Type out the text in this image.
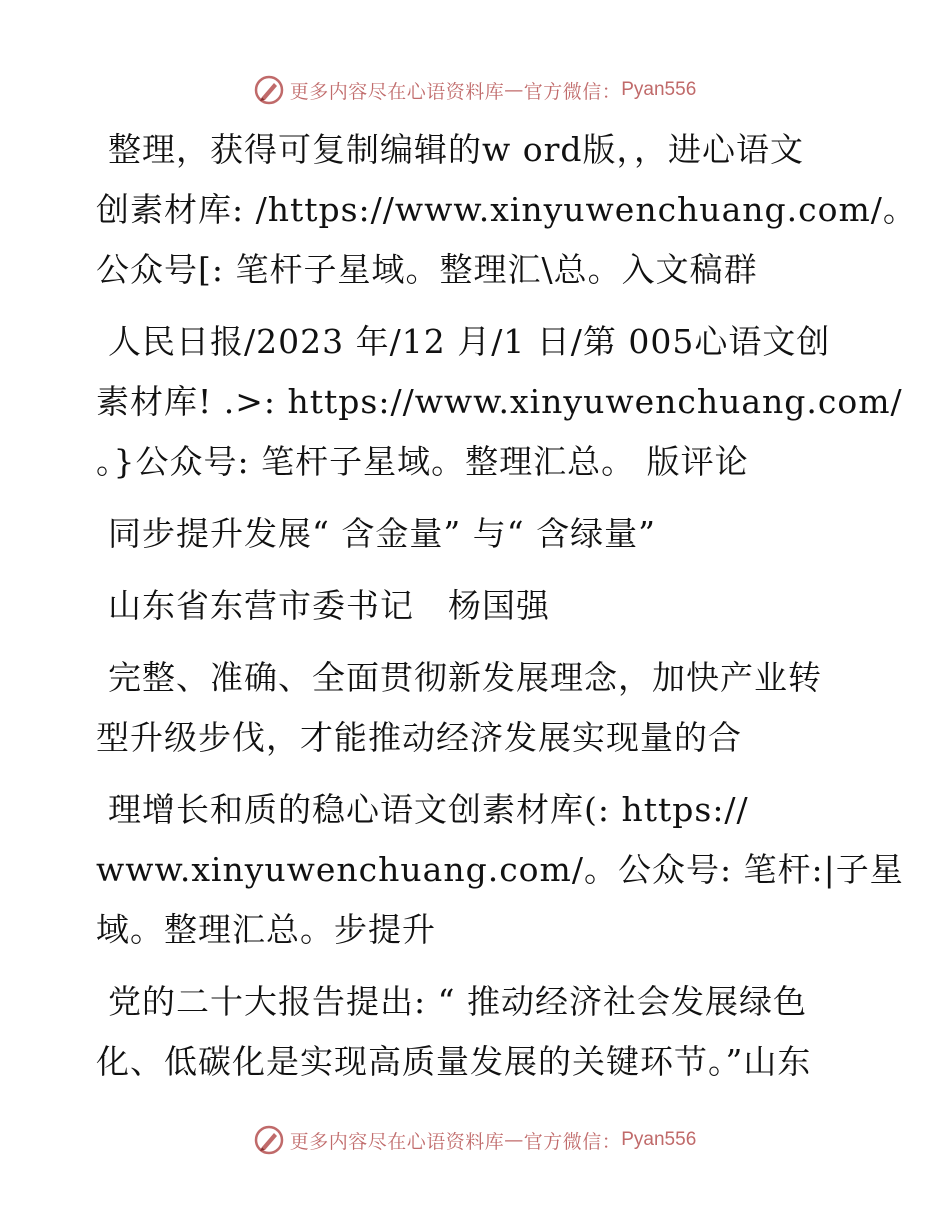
更多内容尽在心语资料库 — 官方微信： Pyan556
整理，获得可复制编辑的w ord版，，进心语文
创素材库: /https://www.xinyuwenchuang.com/。
公众号[: 笔杆子星域。整理汇\总。入文稿群
人民日报/2023 年/12 月/1 日/第 005心语文创
素材库! .>: https://www.xinyuwenchuang.com/
。}公众号: 笔杆子星域。整理汇总。 版评论
同步提升发展“ 含金量” 与“ 含绿量”
山东省东营市委书记　杨国强
完整、准确、全面贯彻新发展理念，加快产业转
型升级步伐，才能推动经济发展实现量的合
理增长和质的稳心语文创素材库(: https://
www.xinyuwenchuang.com/。公众号: 笔杆:|子星
域。整理汇总。步提升
党的二十大报告提出: “ 推动经济社会发展绿色
化、低碳化是实现高质量发展的关键环节。”山东
更多内容尽在心语资料库 — 官方微信： Pyan556
